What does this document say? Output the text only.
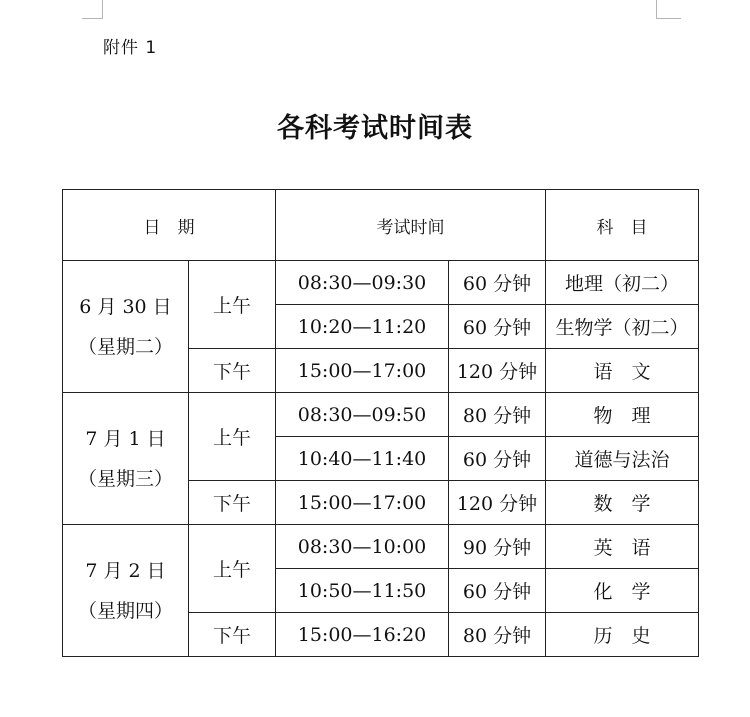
附件 1
各科考试时间表
日　期		考试时间		科　目

6 月 30 日
（星期二）	上午	08:30—09:30	60 分钟	地理（初二）
		10:20—11:20	60 分钟	生物学（初二）
	下午	15:00—17:00	120 分钟	语　文

7 月 1 日
（星期三）	上午	08:30—09:50	80 分钟	物　理
		10:40—11:40	60 分钟	道德与法治
	下午	15:00—17:00	120 分钟	数　学

7 月 2 日
（星期四）	上午	08:30—10:00	90 分钟	英　语
		10:50—11:50	60 分钟	化　学
	下午	15:00—16:20	80 分钟	历　史
